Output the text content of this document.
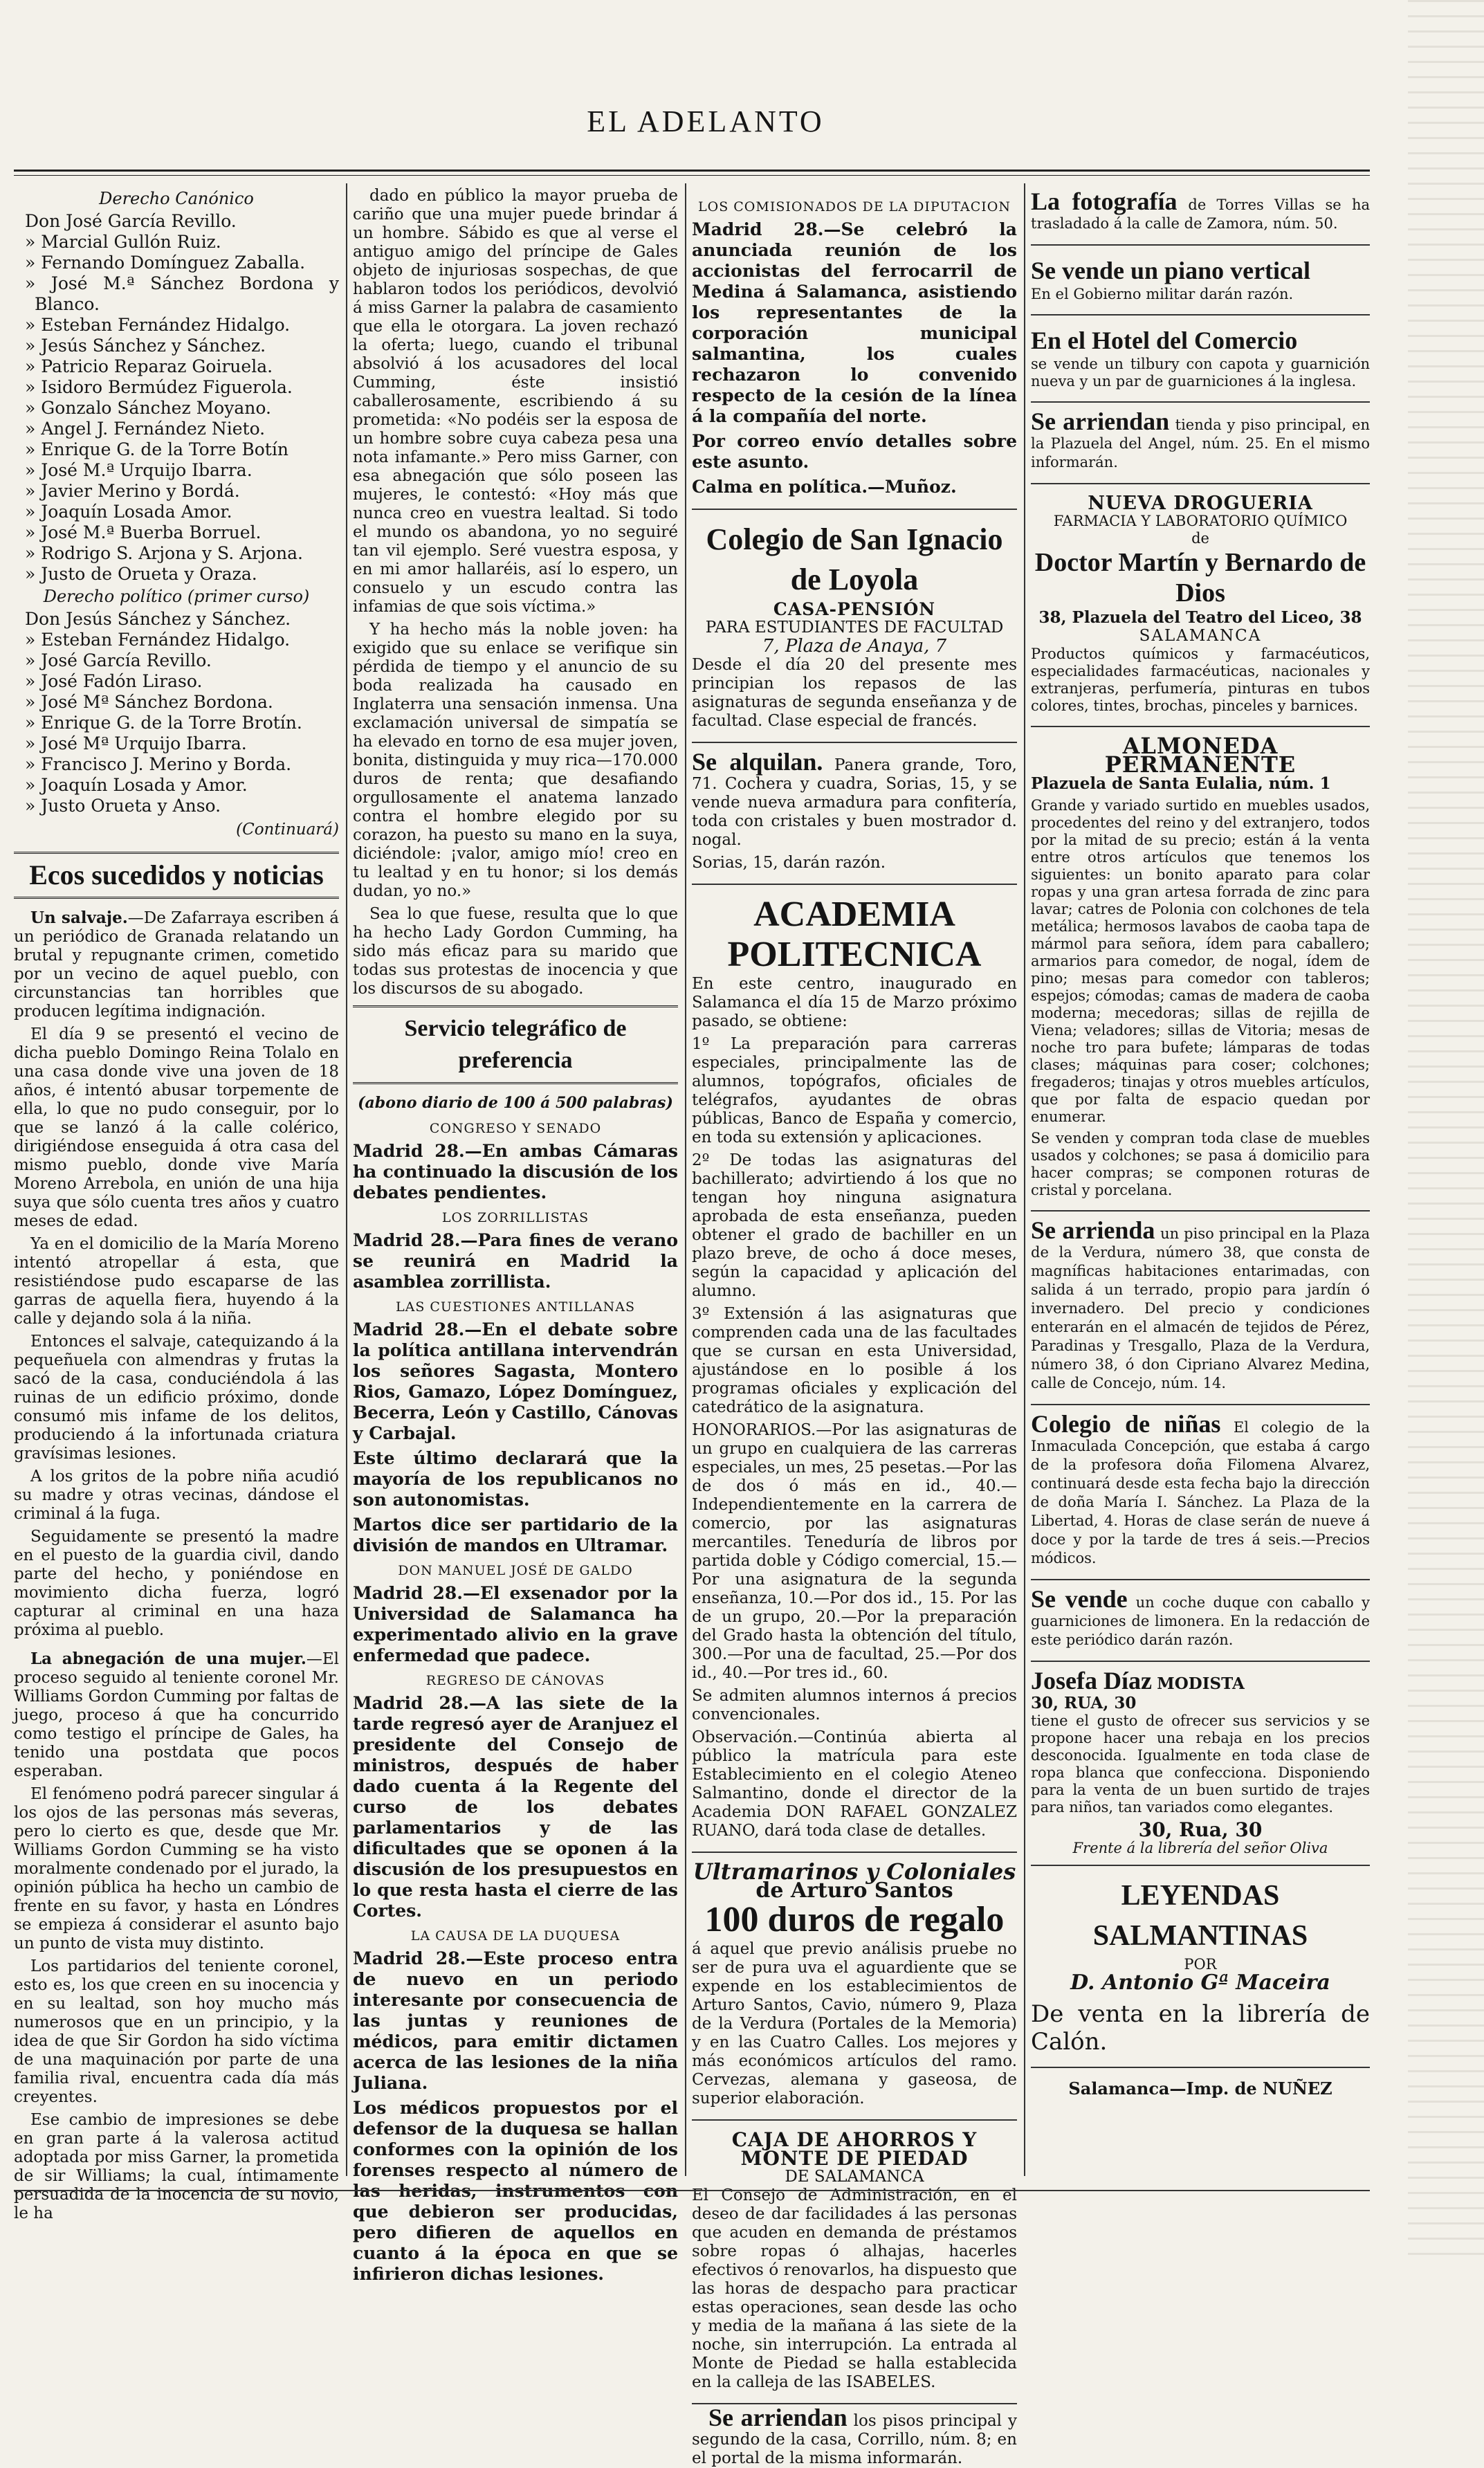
EL ADELANTO
Derecho Canónico
Don José García Revillo.
» Marcial Gullón Ruiz.
» Fernando Domínguez Zaballa.
» José M.ª Sánchez Bordona y Blanco.
» Esteban Fernández Hidalgo.
» Jesús Sánchez y Sánchez.
» Patricio Reparaz Goiruela.
» Isidoro Bermúdez Figuerola.
» Gonzalo Sánchez Moyano.
» Angel J. Fernández Nieto.
» Enrique G. de la Torre Botín
» José M.ª Urquijo Ibarra.
» Javier Merino y Bordá.
» Joaquín Losada Amor.
» José M.ª Buerba Borruel.
» Rodrigo S. Arjona y S. Arjona.
» Justo de Orueta y Oraza.
Derecho político (primer curso)
Don Jesús Sánchez y Sánchez.
» Esteban Fernández Hidalgo.
» José García Revillo.
» José Fadón Liraso.
» José Mª Sánchez Bordona.
» Enrique G. de la Torre Brotín.
» José Mª Urquijo Ibarra.
» Francisco J. Merino y Borda.
» Joaquín Losada y Amor.
» Justo Orueta y Anso.
(Continuará)
Ecos sucedidos y noticias

Un salvaje.—De Zafarraya escriben á un periódico de Granada relatando un brutal y repugnante crimen, cometido por un vecino de aquel pueblo, con circunstancias tan horribles que producen legítima indignación.

El día 9 se presentó el vecino de dicha pueblo Domingo Reina Tolalo en una casa donde vive una joven de 18 años, é intentó abusar torpemente de ella, lo que no pudo conseguir, por lo que se lanzó á la calle colérico, dirigiéndose enseguida á otra casa del mismo pueblo, donde vive María Moreno Arrebola, en unión de una hija suya que sólo cuenta tres años y cuatro meses de edad.

Ya en el domicilio de la María Moreno intentó atropellar á esta, que resistiéndose pudo escaparse de las garras de aquella fiera, huyendo á la calle y dejando sola á la niña.

Entonces el salvaje, catequizando á la pequeñuela con almendras y frutas la sacó de la casa, conduciéndola á las ruinas de un edificio próximo, donde consumó mis infame de los delitos, produciendo á la infortunada criatura gravísimas lesiones.

A los gritos de la pobre niña acudió su madre y otras vecinas, dándose el criminal á la fuga.

Seguidamente se presentó la madre en el puesto de la guardia civil, dando parte del hecho, y poniéndose en movimiento dicha fuerza, logró capturar al criminal en una haza próxima al pueblo.

La abnegación de una mujer.—El proceso seguido al teniente coronel Mr. Williams Gordon Cumming por faltas de juego, proceso á que ha concurrido como testigo el príncipe de Gales, ha tenido una postdata que pocos esperaban.

El fenómeno podrá parecer singular á los ojos de las personas más severas, pero lo cierto es que, desde que Mr. Williams Gordon Cumming se ha visto moralmente condenado por el jurado, la opinión pública ha hecho un cambio de frente en su favor, y hasta en Lóndres se empieza á considerar el asunto bajo un punto de vista muy distinto.

Los partidarios del teniente coronel, esto es, los que creen en su inocencia y en su lealtad, son hoy mucho más numerosos que en un principio, y la idea de que Sir Gordon ha sido víctima de una maquinación por parte de una familia rival, encuentra cada día más creyentes.

Ese cambio de impresiones se debe en gran parte á la valerosa actitud adoptada por miss Garner, la prometida de sir Williams; la cual, íntimamente persuadida de la inocencia de su novio, le ha

dado en público la mayor prueba de cariño que una mujer puede brindar á un hombre. Sábido es que al verse el antiguo amigo del príncipe de Gales objeto de injuriosas sospechas, de que hablaron todos los periódicos, devolvió á miss Garner la palabra de casamiento que ella le otorgara. La joven rechazó la oferta; luego, cuando el tribunal absolvió á los acusadores del local Cumming, éste insistió caballerosamente, escribiendo á su prometida: «No podéis ser la esposa de un hombre sobre cuya cabeza pesa una nota infamante.» Pero miss Garner, con esa abnegación que sólo poseen las mujeres, le contestó: «Hoy más que nunca creo en vuestra lealtad. Si todo el mundo os abandona, yo no seguiré tan vil ejemplo. Seré vuestra esposa, y en mi amor hallaréis, así lo espero, un consuelo y un escudo contra las infamias de que sois víctima.»

Y ha hecho más la noble joven: ha exigido que su enlace se verifique sin pérdida de tiempo y el anuncio de su boda realizada ha causado en Inglaterra una sensación inmensa. Una exclamación universal de simpatía se ha elevado en torno de esa mujer joven, bonita, distinguida y muy rica—170.000 duros de renta; que desafiando orgullosamente el anatema lanzado contra el hombre elegido por su corazon, ha puesto su mano en la suya, diciéndole: ¡valor, amigo mío! creo en tu lealtad y en tu honor; si los demás dudan, yo no.»

Sea lo que fuese, resulta que lo que ha hecho Lady Gordon Cumming, ha sido más eficaz para su marido que todas sus protestas de inocencia y que los discursos de su abogado.

Servicio telegráfico de preferencia
(abono diario de 100 á 500 palabras)

CONGRESO Y SENADO

Madrid 28.—En ambas Cámaras ha continuado la discusión de los debates pendientes.

LOS ZORRILLISTAS

Madrid 28.—Para fines de verano se reunirá en Madrid la asamblea zorrillista.

LAS CUESTIONES ANTILLANAS

Madrid 28.—En el debate sobre la política antillana intervendrán los señores Sagasta, Montero Rios, Gamazo, López Domínguez, Becerra, León y Castillo, Cánovas y Carbajal.

Este último declarará que la mayoría de los republicanos no son autonomistas.

Martos dice ser partidario de la división de mandos en Ultramar.

DON MANUEL JOSÉ DE GALDO

Madrid 28.—El exsenador por la Universidad de Salamanca ha experimentado alivio en la grave enfermedad que padece.

REGRESO DE CÁNOVAS

Madrid 28.—A las siete de la tarde regresó ayer de Aranjuez el presidente del Consejo de ministros, después de haber dado cuenta á la Regente del curso de los debates parlamentarios y de las dificultades que se oponen á la discusión de los presupuestos en lo que resta hasta el cierre de las Cortes.

LA CAUSA DE LA DUQUESA

Madrid 28.—Este proceso entra de nuevo en un periodo interesante por consecuencia de las juntas y reuniones de médicos, para emitir dictamen acerca de las lesiones de la niña Juliana.

Los médicos propuestos por el defensor de la duquesa se hallan conformes con la opinión de los forenses respecto al número de las heridas, instrumentos con que debieron ser producidas, pero difieren de aquellos en cuanto á la época en que se infirieron dichas lesiones.

LOS COMISIONADOS DE LA DIPUTACION

Madrid 28.—Se celebró la anunciada reunión de los accionistas del ferrocarril de Medina á Salamanca, asistiendo los representantes de la corporación municipal salmantina, los cuales rechazaron lo convenido respecto de la cesión de la línea á la compañía del norte.

Por correo envío detalles sobre este asunto.

Calma en política.—Muñoz.

Colegio de San Ignacio de Loyola
CASA-PENSIÓN
PARA ESTUDIANTES DE FACULTAD
7, Plaza de Anaya, 7

Desde el día 20 del presente mes principian los repasos de las asignaturas de segunda enseñanza y de facultad. Clase especial de francés.

Se alquilan. Panera grande, Toro, 71. Cochera y cuadra, Sorias, 15, y se vende nueva armadura para confitería, toda con cristales y buen mostrador d. nogal.

Sorias, 15, darán razón.

ACADEMIA POLITECNICA

En este centro, inaugurado en Salamanca el día 15 de Marzo próximo pasado, se obtiene:

1º La preparación para carreras especiales, principalmente las de alumnos, topógrafos, oficiales de telégrafos, ayudantes de obras públicas, Banco de España y comercio, en toda su extensión y aplicaciones.

2º De todas las asignaturas del bachillerato; advirtiendo á los que no tengan hoy ninguna asignatura aprobada de esta enseñanza, pueden obtener el grado de bachiller en un plazo breve, de ocho á doce meses, según la capacidad y aplicación del alumno.

3º Extensión á las asignaturas que comprenden cada una de las facultades que se cursan en esta Universidad, ajustándose en lo posible á los programas oficiales y explicación del catedrático de la asignatura.

HONORARIOS.—Por las asignaturas de un grupo en cualquiera de las carreras especiales, un mes, 25 pesetas.—Por las de dos ó más en id., 40.—Independientemente en la carrera de comercio, por las asignaturas mercantiles. Teneduría de libros por partida doble y Código comercial, 15.—Por una asignatura de la segunda enseñanza, 10.—Por dos id., 15. Por las de un grupo, 20.—Por la preparación del Grado hasta la obtención del título, 300.—Por una de facultad, 25.—Por dos id., 40.—Por tres id., 60.

Se admiten alumnos internos á precios convencionales.

Observación.—Continúa abierta al público la matrícula para este Establecimiento en el colegio Ateneo Salmantino, donde el director de la Academia DON RAFAEL GONZALEZ RUANO, dará toda clase de detalles.

Ultramarinos y Coloniales
de Arturo Santos
100 duros de regalo

á aquel que previo análisis pruebe no ser de pura uva el aguardiente que se expende en los establecimientos de Arturo Santos, Cavio, número 9, Plaza de la Verdura (Portales de la Memoria) y en las Cuatro Calles. Los mejores y más económicos artículos del ramo. Cervezas, alemana y gaseosa, de superior elaboración.

CAJA DE AHORROS Y MONTE DE PIEDAD
DE SALAMANCA

El Consejo de Administración, en el deseo de dar facilidades á las personas que acuden en demanda de préstamos sobre ropas ó alhajas, hacerles efectivos ó renovarlos, ha dispuesto que las horas de despacho para practicar estas operaciones, sean desde las ocho y media de la mañana á las siete de la noche, sin interrupción. La entrada al Monte de Piedad se halla establecida en la calleja de las ISABELES.

Se arriendan los pisos principal y segundo de la casa, Corrillo, núm. 8; en el portal de la misma informarán.

La fotografía de Torres Villas se ha trasladado á la calle de Zamora, núm. 50.

Se vende un piano vertical

En el Gobierno militar darán razón.

En el Hotel del Comercio

se vende un tilbury con capota y guarnición nueva y un par de guarniciones á la inglesa.

Se arriendan tienda y piso principal, en la Plazuela del Angel, núm. 25. En el mismo informarán.

NUEVA DROGUERIA
FARMACIA Y LABORATORIO QUÍMICO
de
Doctor Martín y Bernardo de Dios
38, Plazuela del Teatro del Liceo, 38
SALAMANCA

Productos químicos y farmacéuticos, especialidades farmacéuticas, nacionales y extranjeras, perfumería, pinturas en tubos colores, tintes, brochas, pinceles y barnices.

ALMONEDA PERMANENTE

Plazuela de Santa Eulalia, núm. 1

Grande y variado surtido en muebles usados, procedentes del reino y del extranjero, todos por la mitad de su precio; están á la venta entre otros artículos que tenemos los siguientes: un bonito aparato para colar ropas y una gran artesa forrada de zinc para lavar; catres de Polonia con colchones de tela metálica; hermosos lavabos de caoba tapa de mármol para señora, ídem para caballero; armarios para comedor, de nogal, ídem de pino; mesas para comedor con tableros; espejos; cómodas; camas de madera de caoba moderna; mecedoras; sillas de rejilla de Viena; veladores; sillas de Vitoria; mesas de noche tro para bufete; lámparas de todas clases; máquinas para coser; colchones; fregaderos; tinajas y otros muebles artículos, que por falta de espacio quedan por enumerar.

Se venden y compran toda clase de muebles usados y colchones; se pasa á domicilio para hacer compras; se componen roturas de cristal y porcelana.

Se arrienda un piso principal en la Plaza de la Verdura, número 38, que consta de magníficas habitaciones entarimadas, con salida á un terrado, propio para jardín ó invernadero. Del precio y condiciones enterarán en el almacén de tejidos de Pérez, Paradinas y Tresgallo, Plaza de la Verdura, número 38, ó don Cipriano Alvarez Medina, calle de Concejo, núm. 14.

Colegio de niñas El colegio de la Inmaculada Concepción, que estaba á cargo de la profesora doña Filomena Alvarez, continuará desde esta fecha bajo la dirección de doña María I. Sánchez. La Plaza de la Libertad, 4. Horas de clase serán de nueve á doce y por la tarde de tres á seis.—Precios módicos.

Se vende un coche duque con caballo y guarniciones de limonera. En la redacción de este periódico darán razón.

Josefa Díaz MODISTA
30, RUA, 30

tiene el gusto de ofrecer sus servicios y se propone hacer una rebaja en los precios desconocida. Igualmente en toda clase de ropa blanca que confecciona. Disponiendo para la venta de un buen surtido de trajes para niños, tan variados como elegantes.

30, Rua, 30
Frente á la librería del señor Oliva
LEYENDAS SALMANTINAS
POR
D. Antonio Gª Maceira

De venta en la librería de Calón.

Salamanca—Imp. de NUÑEZ
